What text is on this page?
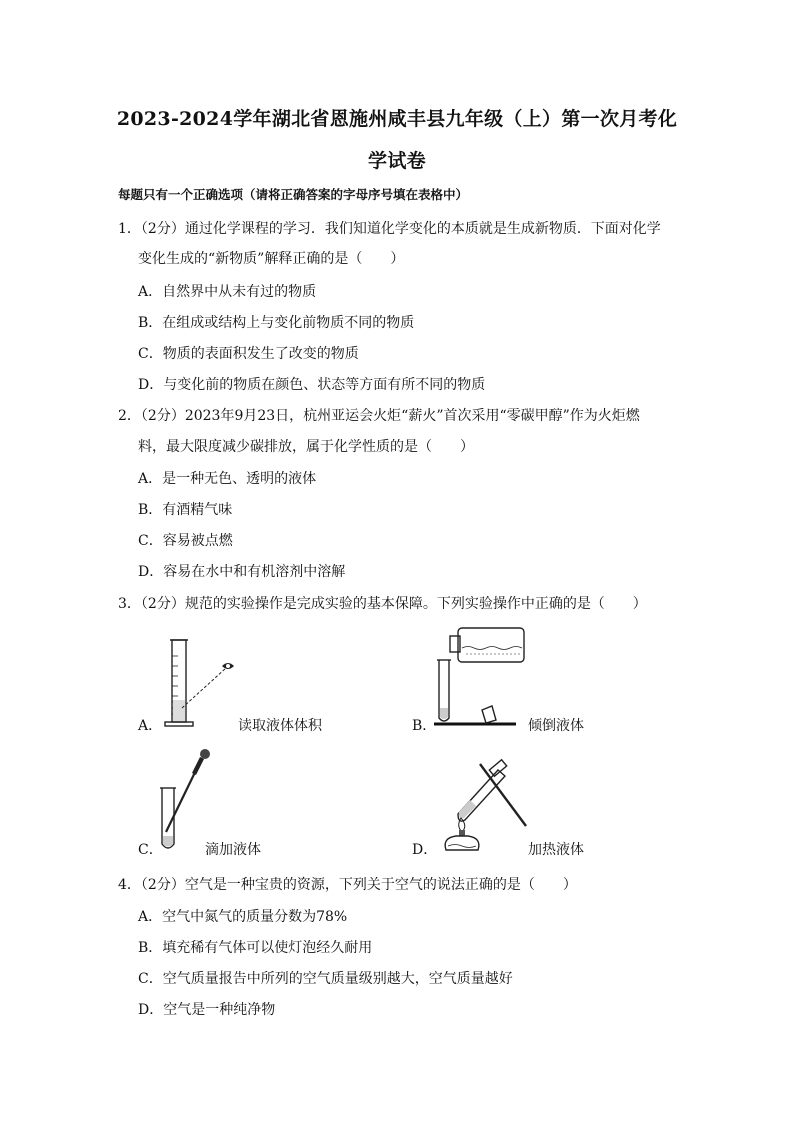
2023-2024学年湖北省恩施州咸丰县九年级（上）第一次月考化
学试卷
每题只有一个正确选项（请将正确答案的字母序号填在表格中）
1．（2分）通过化学课程的学习．我们知道化学变化的本质就是生成新物质．下面对化学
变化生成的“新物质”解释正确的是（　　）
A．自然界中从未有过的物质
B．在组成或结构上与变化前物质不同的物质
C．物质的表面积发生了改变的物质
D．与变化前的物质在颜色、状态等方面有所不同的物质
2．（2分）2023年9月23日，杭州亚运会火炬“薪火”首次采用“零碳甲醇”作为火炬燃
料，最大限度减少碳排放，属于化学性质的是（　　）
A．是一种无色、透明的液体
B．有酒精气味
C．容易被点燃
D．容易在水中和有机溶剂中溶解
3．（2分）规范的实验操作是完成实验的基本保障。下列实验操作中正确的是（　　）
A．	读取液体体积	B．	倾倒液体
C．	滴加液体	D．	加热液体
4．（2分）空气是一种宝贵的资源，下列关于空气的说法正确的是（　　）
A．空气中氮气的质量分数为78%
B．填充稀有气体可以使灯泡经久耐用
C．空气质量报告中所列的空气质量级别越大，空气质量越好
D．空气是一种纯净物
